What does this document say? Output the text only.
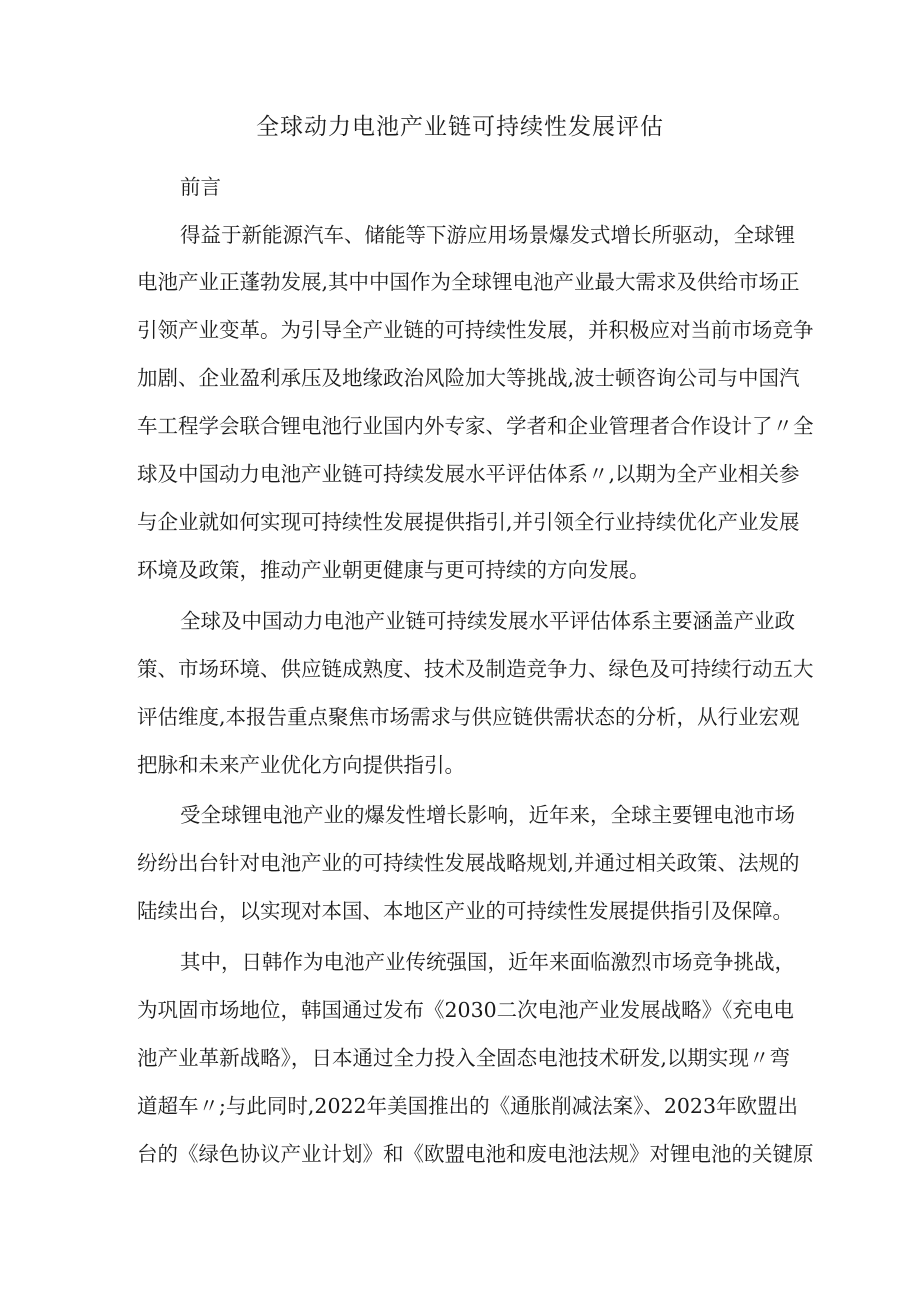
全球动力电池产业链可持续性发展评估
前言
得益于新能源汽车、储能等下游应用场景爆发式增长所驱动，全球锂
电池产业正蓬勃发展,其中中国作为全球锂电池产业最大需求及供给市场正
引领产业变革。为引导全产业链的可持续性发展，并积极应对当前市场竞争
加剧、企业盈利承压及地缘政治风险加大等挑战,波士顿咨询公司与中国汽
车工程学会联合锂电池行业国内外专家、学者和企业管理者合作设计了〃全
球及中国动力电池产业链可持续发展水平评估体系〃,以期为全产业相关参
与企业就如何实现可持续性发展提供指引,并引领全行业持续优化产业发展
环境及政策，推动产业朝更健康与更可持续的方向发展。
全球及中国动力电池产业链可持续发展水平评估体系主要涵盖产业政
策、市场环境、供应链成熟度、技术及制造竞争力、绿色及可持续行动五大
评估维度,本报告重点聚焦市场需求与供应链供需状态的分析，从行业宏观
把脉和未来产业优化方向提供指引。
受全球锂电池产业的爆发性增长影响，近年来，全球主要锂电池市场
纷纷出台针对电池产业的可持续性发展战略规划,并通过相关政策、法规的
陆续出台，以实现对本国、本地区产业的可持续性发展提供指引及保障。
其中，日韩作为电池产业传统强国，近年来面临激烈市场竞争挑战，
为巩固市场地位，韩国通过发布《2030二次电池产业发展战略》《充电电
池产业革新战略》，日本通过全力投入全固态电池技术研发,以期实现〃弯
道超车〃;与此同时,2022年美国推出的《通胀削减法案》、2023年欧盟出
台的《绿色协议产业计划》和《欧盟电池和废电池法规》对锂电池的关键原
